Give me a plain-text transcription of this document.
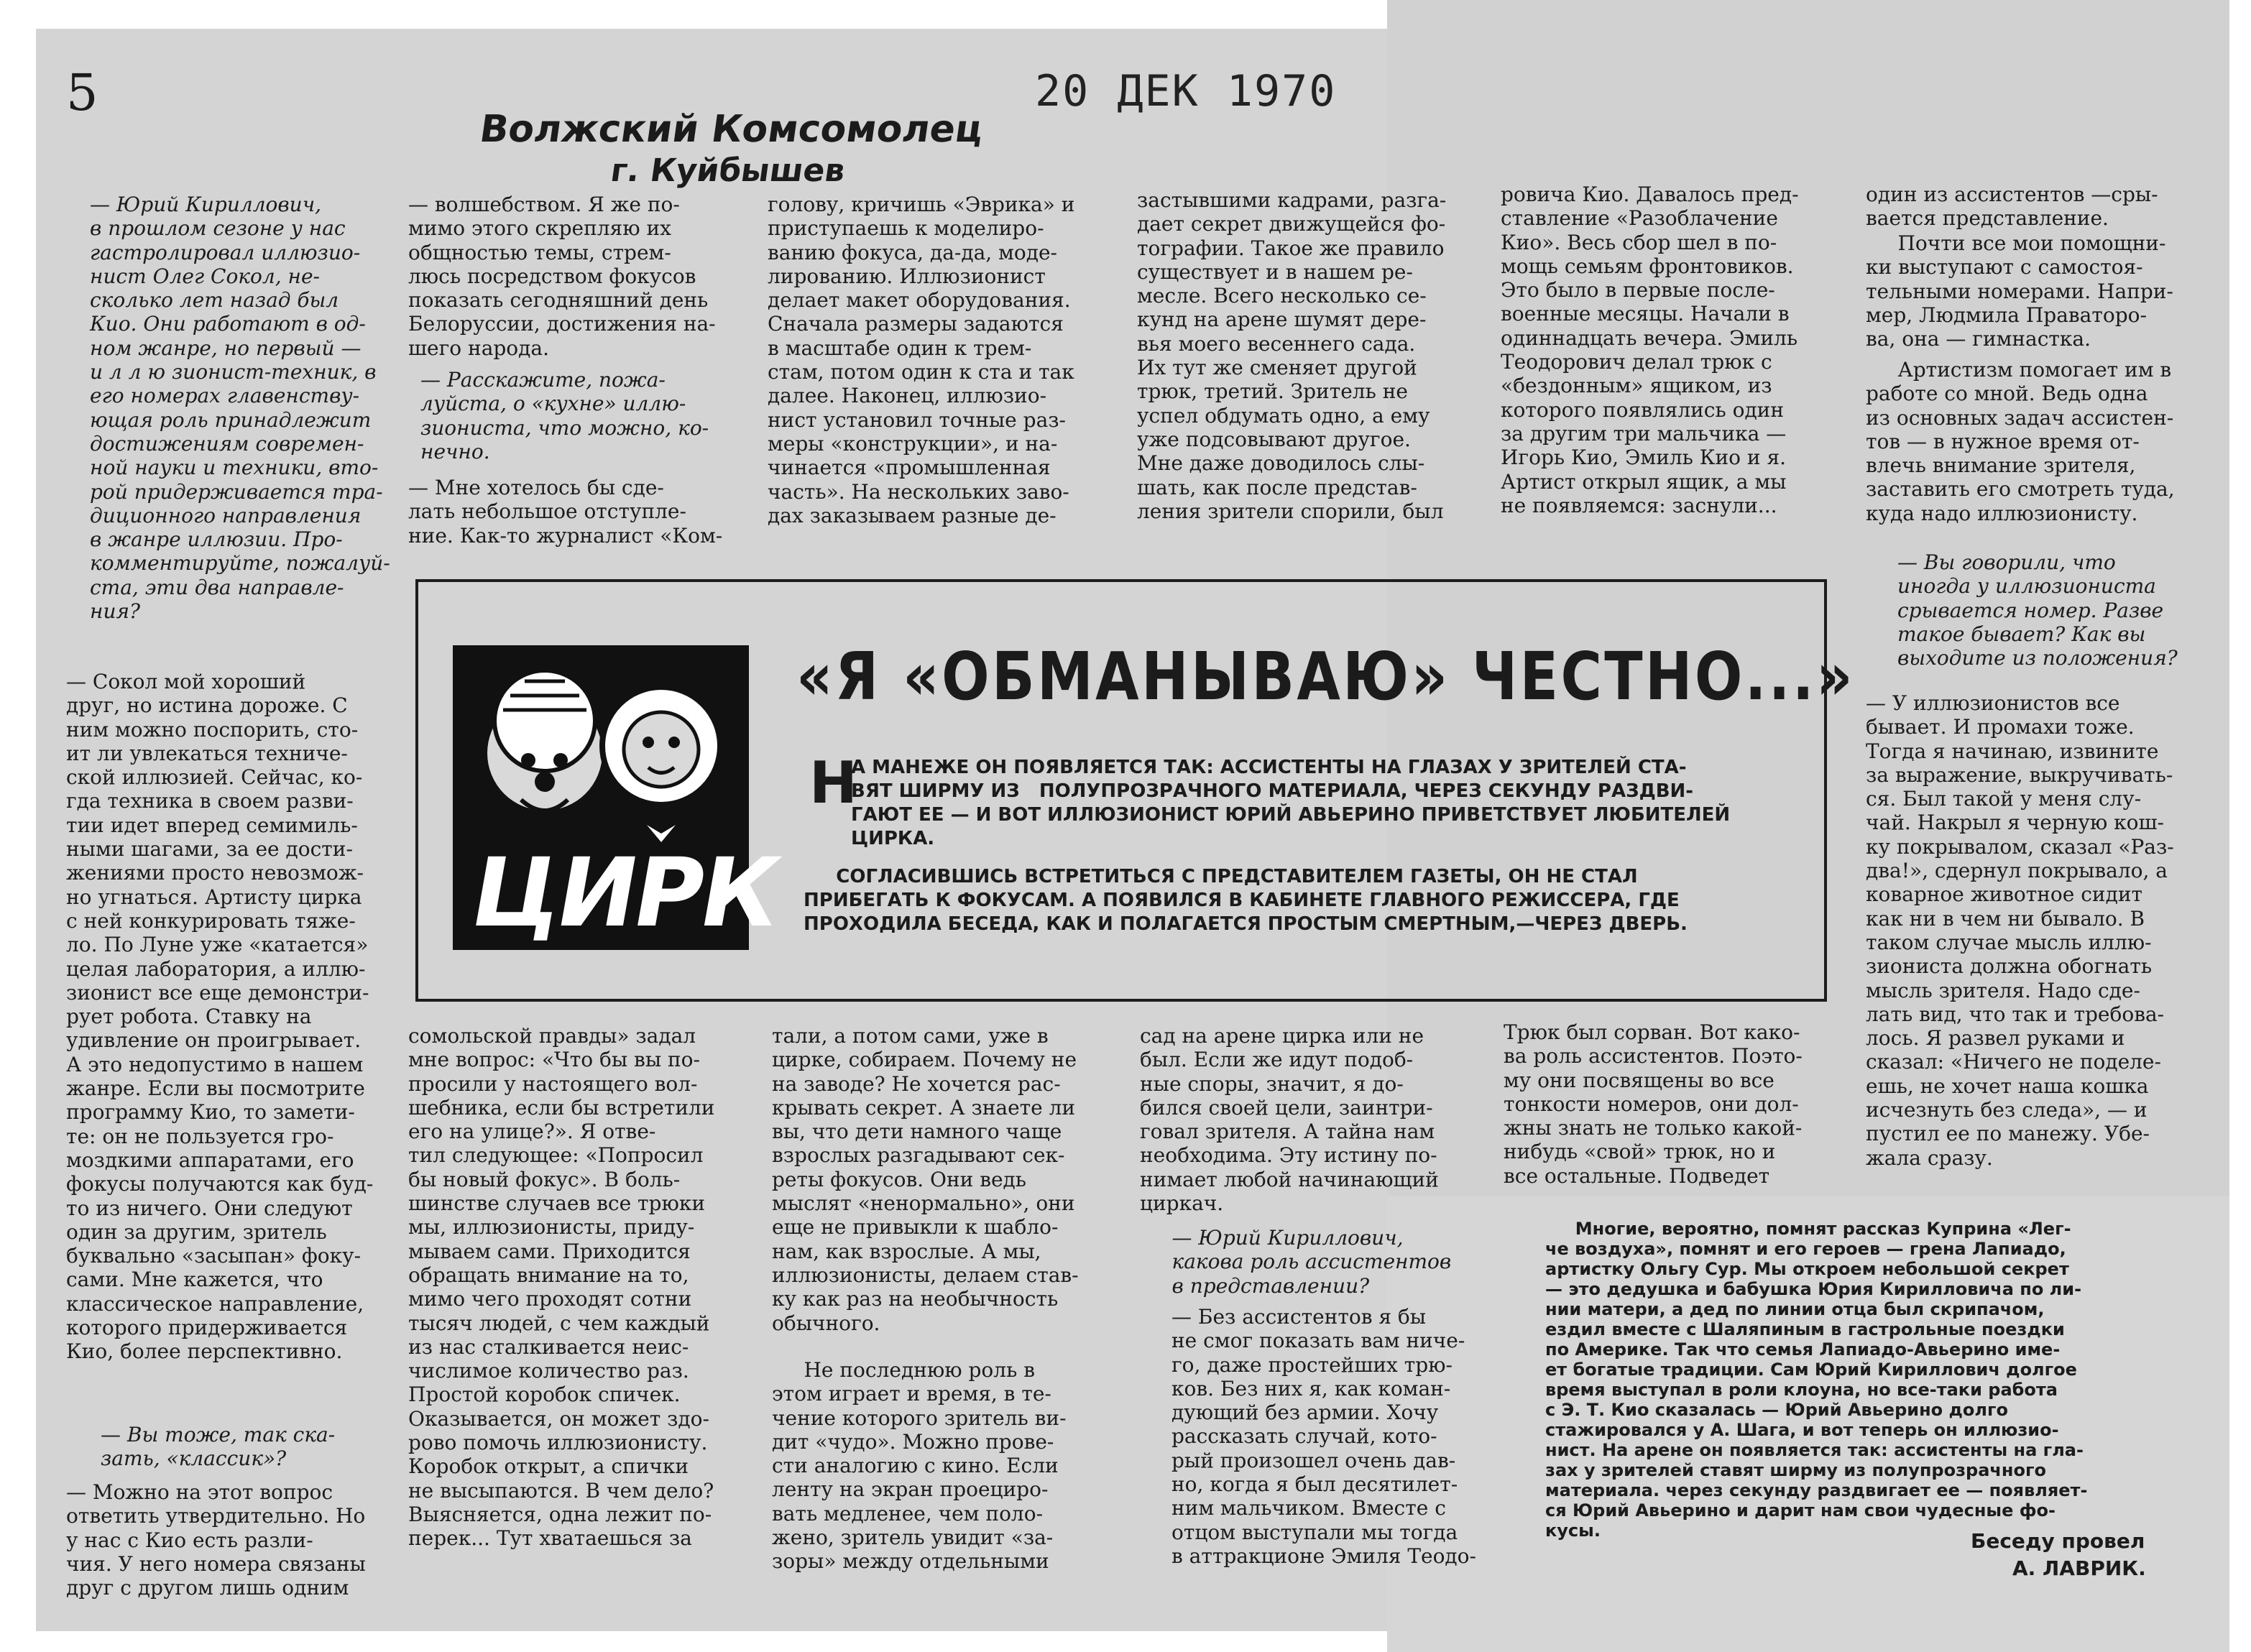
5
Волжский Комсомолец
г. Куйбышев
20 ДЕК 1970
— Юрий Кириллович,
в прошлом сезоне у нас
гастролировал иллюзио-
нист Олег Сокол, не-
сколько лет назад был
Кио. Они работают в од-
ном жанре, но первый —
и л л ю зионист-техник, в
его номерах главенству-
ющая роль принадлежит
достижениям современ-
ной науки и техники, вто-
рой придерживается тра-
диционного направления
в жанре иллюзии. Про-
комментируйте, пожалуй-
ста, эти два направле-
ния?
— Сокол мой хороший
друг, но истина дороже. С
ним можно поспорить, сто-
ит ли увлекаться техниче-
ской иллюзией. Сейчас, ко-
гда техника в своем разви-
тии идет вперед семимиль-
ными шагами, за ее дости-
жениями просто невозмож-
но угнаться. Артисту цирка
с ней конкурировать тяже-
ло. По Луне уже «катается»
целая лаборатория, а иллю-
зионист все еще демонстри-
рует робота. Ставку на
удивление он проигрывает.
А это недопустимо в нашем
жанре. Если вы посмотрите
программу Кио, то замети-
те: он не пользуется гро-
моздкими аппаратами, его
фокусы получаются как буд-
то из ничего. Они следуют
один за другим, зритель
буквально «засыпан» фоку-
сами. Мне кажется, что
классическое направление,
которого придерживается
Кио, более перспективно.
— Вы тоже, так ска-
зать, «классик»?
— Можно на этот вопрос
ответить утвердительно. Но
у нас с Кио есть разли-
чия. У него номера связаны
друг с другом лишь одним
— волшебством. Я же по-
мимо этого скрепляю их
общностью темы, стрем-
люсь посредством фокусов
показать сегодняшний день
Белоруссии, достижения на-
шего народа.
— Расскажите, пожа-
луйста, о «кухне» иллю-
зиониста, что можно, ко-
нечно.
— Мне хотелось бы сде-
лать небольшое отступле-
ние. Как-то журналист «Ком-
голову, кричишь «Эврика» и
приступаешь к моделиро-
ванию фокуса, да-да, моде-
лированию. Иллюзионист
делает макет оборудования.
Сначала размеры задаются
в масштабе один к трем-
стам, потом один к ста и так
далее. Наконец, иллюзио-
нист установил точные раз-
меры «конструкции», и на-
чинается «промышленная
часть». На нескольких заво-
дах заказываем разные де-
застывшими кадрами, разга-
дает секрет движущейся фо-
тографии. Такое же правило
существует и в нашем ре-
месле. Всего несколько се-
кунд на арене шумят дере-
вья моего весеннего сада.
Их тут же сменяет другой
трюк, третий. Зритель не
успел обдумать одно, а ему
уже подсовывают другое.
Мне даже доводилось слы-
шать, как после представ-
ления зрители спорили, был
ровича Кио. Давалось пред-
ставление «Разоблачение
Кио». Весь сбор шел в по-
мощь семьям фронтовиков.
Это было в первые после-
военные месяцы. Начали в
одиннадцать вечера. Эмиль
Теодорович делал трюк с
«бездонным» ящиком, из
которого появлялись один
за другим три мальчика —
Игорь Кио, Эмиль Кио и я.
Артист открыл ящик, а мы
не появляемся: заснули...
один из ассистентов —сры-
вается представление.
Почти все мои помощни-
ки выступают с самостоя-
тельными номерами. Напри-
мер, Людмила Праваторо-
ва, она — гимнастка.
Артистизм помогает им в
работе со мной. Ведь одна
из основных задач ассистен-
тов — в нужное время от-
влечь внимание зрителя,
заставить его смотреть туда,
куда надо иллюзионисту.
— Вы говорили, что
иногда у иллюзиониста
срывается номер. Разве
такое бывает? Как вы
выходите из положения?
— У иллюзионистов все
бывает. И промахи тоже.
Тогда я начинаю, извините
за выражение, выкручивать-
ся. Был такой у меня слу-
чай. Накрыл я черную кош-
ку покрывалом, сказал «Раз-
два!», сдернул покрывало, а
коварное животное сидит
как ни в чем ни бывало. В
таком случае мысль иллю-
зиониста должна обогнать
мысль зрителя. Надо сде-
лать вид, что так и требова-
лось. Я развел руками и
сказал: «Ничего не поделе-
ешь, не хочет наша кошка
исчезнуть без следа», — и
пустил ее по манежу. Убе-
жала сразу.
ЦИРК
«Я «ОБМАНЫВАЮ» ЧЕСТНО...»
Н
А МАНЕЖЕ ОН ПОЯВЛЯЕТСЯ ТАК: АССИСТЕНТЫ НА ГЛАЗАХ У ЗРИТЕЛЕЙ СТА-
ВЯТ ШИРМУ ИЗ   ПОЛУПРОЗРАЧНОГО МАТЕРИАЛА, ЧЕРЕЗ СЕКУНДУ РАЗДВИ-
ГАЮТ ЕЕ — И ВОТ ИЛЛЮЗИОНИСТ ЮРИЙ АВЬЕРИНО ПРИВЕТСТВУЕТ ЛЮБИТЕЛЕЙ
ЦИРКА.
СОГЛАСИВШИСЬ ВСТРЕТИТЬСЯ С ПРЕДСТАВИТЕЛЕМ ГАЗЕТЫ, ОН НЕ СТАЛ
ПРИБЕГАТЬ К ФОКУСАМ. А ПОЯВИЛСЯ В КАБИНЕТЕ ГЛАВНОГО РЕЖИССЕРА, ГДЕ
ПРОХОДИЛА БЕСЕДА, КАК И ПОЛАГАЕТСЯ ПРОСТЫМ СМЕРТНЫМ,—ЧЕРЕЗ ДВЕРЬ.
сомольской правды» задал
мне вопрос: «Что бы вы по-
просили у настоящего вол-
шебника, если бы встретили
его на улице?». Я отве-
тил следующее: «Попросил
бы новый фокус». В боль-
шинстве случаев все трюки
мы, иллюзионисты, приду-
мываем сами. Приходится
обращать внимание на то,
мимо чего проходят сотни
тысяч людей, с чем каждый
из нас сталкивается неис-
числимое количество раз.
Простой коробок спичек.
Оказывается, он может здо-
рово помочь иллюзионисту.
Коробок открыт, а спички
не высыпаются. В чем дело?
Выясняется, одна лежит по-
перек... Тут хватаешься за
тали, а потом сами, уже в
цирке, собираем. Почему не
на заводе? Не хочется рас-
крывать секрет. А знаете ли
вы, что дети намного чаще
взрослых разгадывают сек-
реты фокусов. Они ведь
мыслят «ненормально», они
еще не привыкли к шабло-
нам, как взрослые. А мы,
иллюзионисты, делаем став-
ку как раз на необычность
обычного.
Не последнюю роль в
этом играет и время, в те-
чение которого зритель ви-
дит «чудо». Можно прове-
сти аналогию с кино. Если
ленту на экран проециро-
вать медленее, чем поло-
жено, зритель увидит «за-
зоры» между отдельными
сад на арене цирка или не
был. Если же идут подоб-
ные споры, значит, я до-
бился своей цели, заинтри-
говал зрителя. А тайна нам
необходима. Эту истину по-
нимает любой начинающий
циркач.
— Юрий Кириллович,
какова роль ассистентов
в представлении?
— Без ассистентов я бы
не смог показать вам ниче-
го, даже простейших трю-
ков. Без них я, как коман-
дующий без армии. Хочу
рассказать случай, кото-
рый произошел очень дав-
но, когда я был десятилет-
ним мальчиком. Вместе с
отцом выступали мы тогда
в аттракционе Эмиля Теодо-
Трюк был сорван. Вот како-
ва роль ассистентов. Поэто-
му они посвящены во все
тонкости номеров, они дол-
жны знать не только какой-
нибудь «свой» трюк, но и
все остальные. Подведет
Многие, вероятно, помнят рассказ Куприна «Лег-
че воздуха», помнят и его героев — грена Лапиадо,
артистку Ольгу Сур. Мы откроем небольшой секрет
— это дедушка и бабушка Юрия Кирилловича по ли-
нии матери, а дед по линии отца был скрипачом,
ездил вместе с Шаляпиным в гастрольные поездки
по Америке. Так что семья Лапиадо-Авьерино име-
ет богатые традиции. Сам Юрий Кириллович долгое
время выступал в роли клоуна, но все-таки работа
с Э. Т. Кио сказалась — Юрий Авьерино долго
стажировался у А. Шага, и вот теперь он иллюзио-
нист. На арене он появляется так: ассистенты на гла-
зах у зрителей ставят ширму из полупрозрачного
материала. через секунду раздвигает ее — появляет-
ся Юрий Авьерино и дарит нам свои чудесные фо-
кусы.	Беседу провел
А. ЛАВРИК.
